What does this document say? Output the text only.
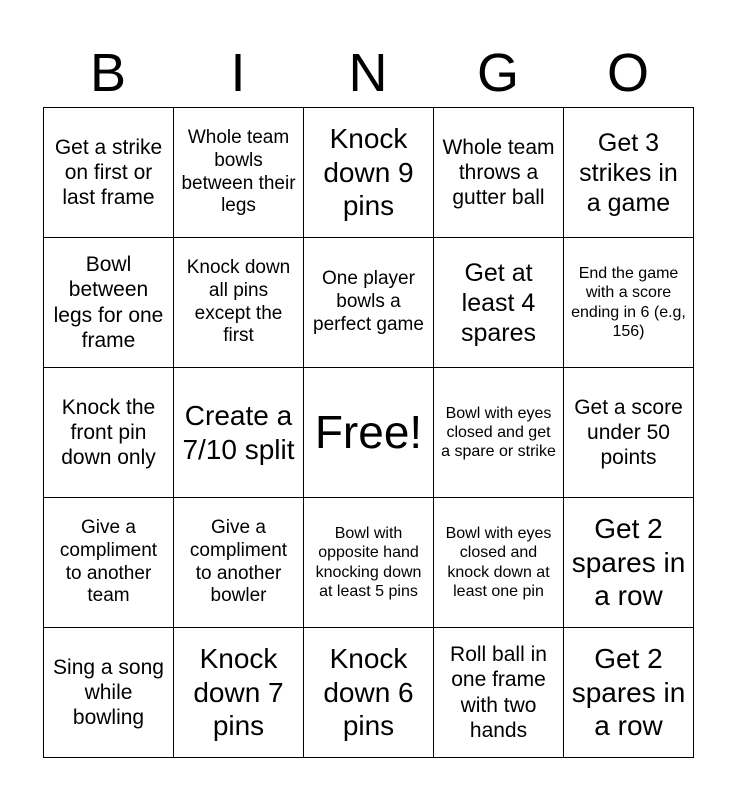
B	I	N	G	O
Get a strike on first or last frame	Whole team bowls between their legs	Knock down 9 pins	Whole team throws a gutter ball	Get 3 strikes in a game
Bowl between legs for one frame	Knock down all pins except the first	One player bowls a perfect game	Get at least 4 spares	End the game with a score ending in 6 (e.g, 156)
Knock the front pin down only	Create a 7/10 split	Free!	Bowl with eyes closed and get a spare or strike	Get a score under 50 points
Give a compliment to another team	Give a compliment to another bowler	Bowl with opposite hand knocking down at least 5 pins	Bowl with eyes closed and knock down at least one pin	Get 2 spares in a row
Sing a song while bowling	Knock down 7 pins	Knock down 6 pins	Roll ball in one frame with two hands	Get 2 spares in a row
